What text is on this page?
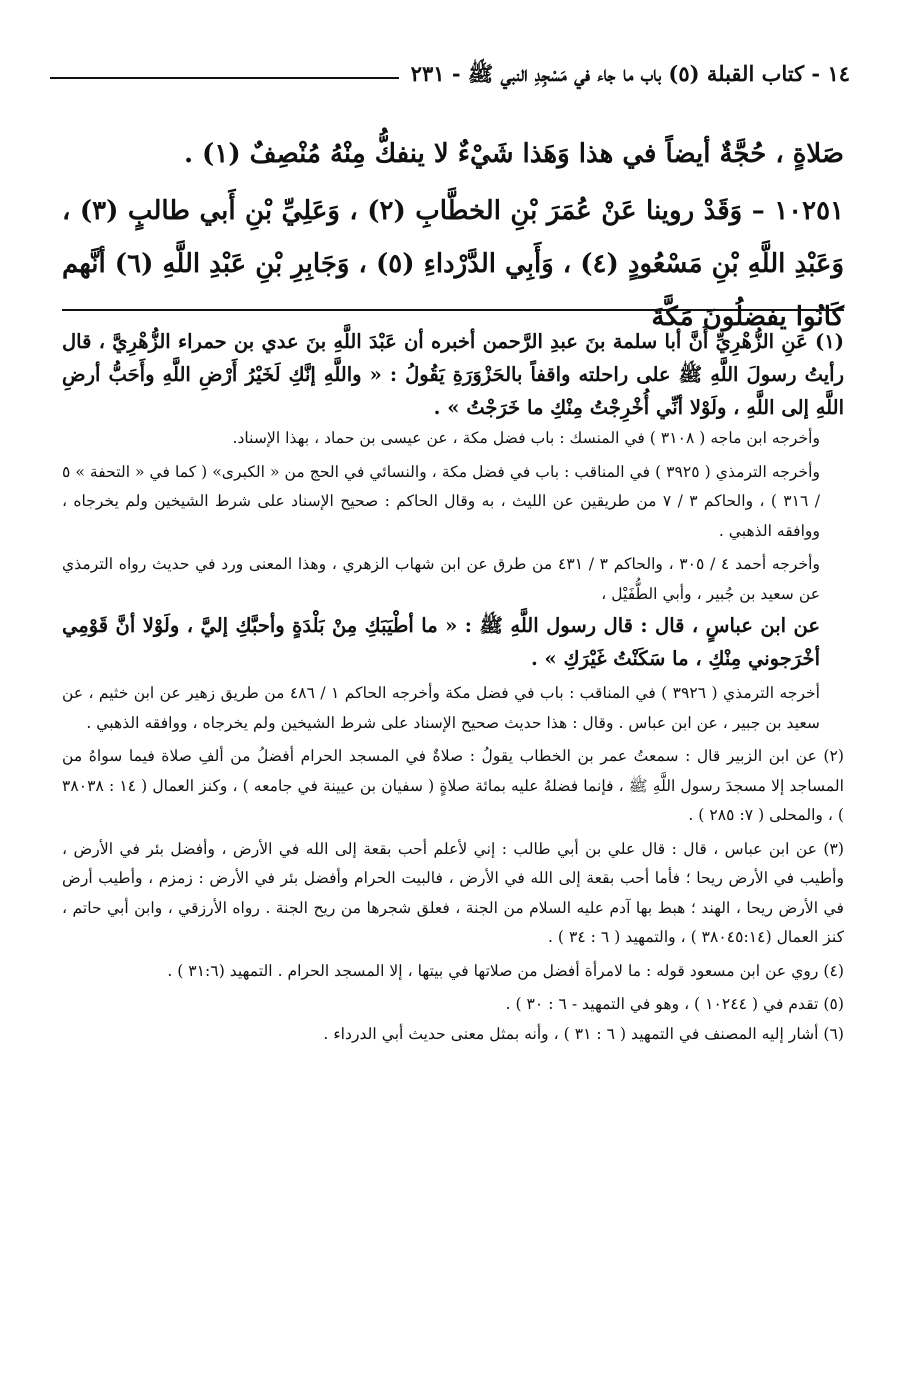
١٤ - كتاب القبلة (٥) باب ما جاء في مَسْجِدِ النبي ﷺ - ٢٣١

صَلاةٍ ، حُجَّةٌ أيضاً في هذا وَهَذا شَيْءٌ لا ينفكُّ مِنْهُ مُنْصِفٌ (١) .

١٠٢٥١ – وَقَدْ روينا عَنْ عُمَرَ بْنِ الخطَّابِ (٢) ، وَعَلِيِّ بْنِ أَبي طالبٍ (٣) ، وَعَبْدِ اللَّهِ بْنِ مَسْعُودٍ (٤) ، وَأَبِي الدَّرْداءِ (٥) ، وَجَابِرِ بْنِ عَبْدِ اللَّهِ (٦) أنَّهم كَانُوا يفضلُونَ مَكَّةَ

(١) عَنِ الزُّهْرِيِّ أَنَّ أبا سلمة بنَ عبدِ الرَّحمن أخبره أن عَبْدَ اللَّهِ بنَ عدي بن حمراء الزُّهْرِيَّ ، قال رأيتُ رسولَ اللَّهِ ﷺ على راحلته واقفاً بالحَزْوَرَةِ يَقُولُ : « واللَّهِ إنَّكِ لَخَيْرُ أَرْضِ اللَّهِ وأَحَبُّ أرضِ اللَّهِ إلى اللَّهِ ، ولَوْلا أنِّي أُخْرِجْتُ مِنْكِ ما خَرَجْتُ » .

وأخرجه ابن ماجه ( ٣١٠٨ ) في المنسك : باب فضل مكة ، عن عيسى بن حماد ، بهذا الإسناد.

وأخرجه الترمذي ( ٣٩٢٥ ) في المناقب : باب في فضل مكة ، والنسائي في الحج من « الكبرى» ( كما في « التحفة » ٥ / ٣١٦ ) ، والحاكم ٣ / ٧ من طريقين عن الليث ، به وقال الحاكم : صحيح الإسناد على شرط الشيخين ولم يخرجاه ، ووافقه الذهبي .

وأخرجه أحمد ٤ / ٣٠٥ ، والحاكم ٣ / ٤٣١ من طرق عن ابن شهاب الزهري ، وهذا المعنى ورد في حديث رواه الترمذي عن سعيد بن جُبير ، وأبي الطُّفَيْل ،

عن ابن عباسٍ ، قال : قال رسول اللَّهِ ﷺ : « ما أطْيَبَكِ مِنْ بَلْدَةٍ وأحبَّكِ إليَّ ، ولَوْلا أنَّ قَوْمِي أخْرَجوني مِنْكِ ، ما سَكَنْتُ غَيْرَكِ » .

أخرجه الترمذي ( ٣٩٢٦ ) في المناقب : باب في فضل مكة وأخرجه الحاكم ١ / ٤٨٦ من طريق زهير عن ابن خثيم ، عن سعيد بن جبير ، عن ابن عباس . وقال : هذا حديث صحيح الإسناد على شرط الشيخين ولم يخرجاه ، ووافقه الذهبي .

(٢) عن ابن الزبير قال : سمعتُ عمر بن الخطاب يقولُ : صلاةٌ في المسجد الحرام أفضلُ من ألفِ صلاة فيما سواهُ من المساجد إلا مسجدَ رسول اللَّهِ ﷺ ، فإنما فضلهُ عليه بمائة صلاةٍ ( سفيان بن عيينة في جامعه ) ، وكنز العمال ( ١٤ : ٣٨٠٣٨ ) ، والمحلى ( ٧: ٢٨٥ ) .

(٣) عن ابن عباس ، قال : قال علي بن أبي طالب : إني لأعلم أحب بقعة إلى الله في الأرض ، وأفضل بئر في الأرض ، وأطيب في الأرض ريحا ؛ فأما أحب بقعة إلى الله في الأرض ، فالبيت الحرام وأفضل بئر في الأرض : زمزم ، وأطيب أرض في الأرض ريحا ، الهند ؛ هبط بها آدم عليه السلام من الجنة ، فعلق شجرها من ريح الجنة . رواه الأرزقي ، وابن أبي حاتم ، كنز العمال (٣٨٠٤٥:١٤ ) ، والتمهيد ( ٦ : ٣٤ ) .

(٤) روي عن ابن مسعود قوله : ما لامرأة أفضل من صلاتها في بيتها ، إلا المسجد الحرام . التمهيد (٣١:٦ ) .

(٥) تقدم في ( ١٠٢٤٤ ) ، وهو في التمهيد - ٦ : ٣٠ ) .

(٦) أشار إليه المصنف في التمهيد ( ٦ : ٣١ ) ، وأنه بمثل معنى حديث أبي الدرداء .
